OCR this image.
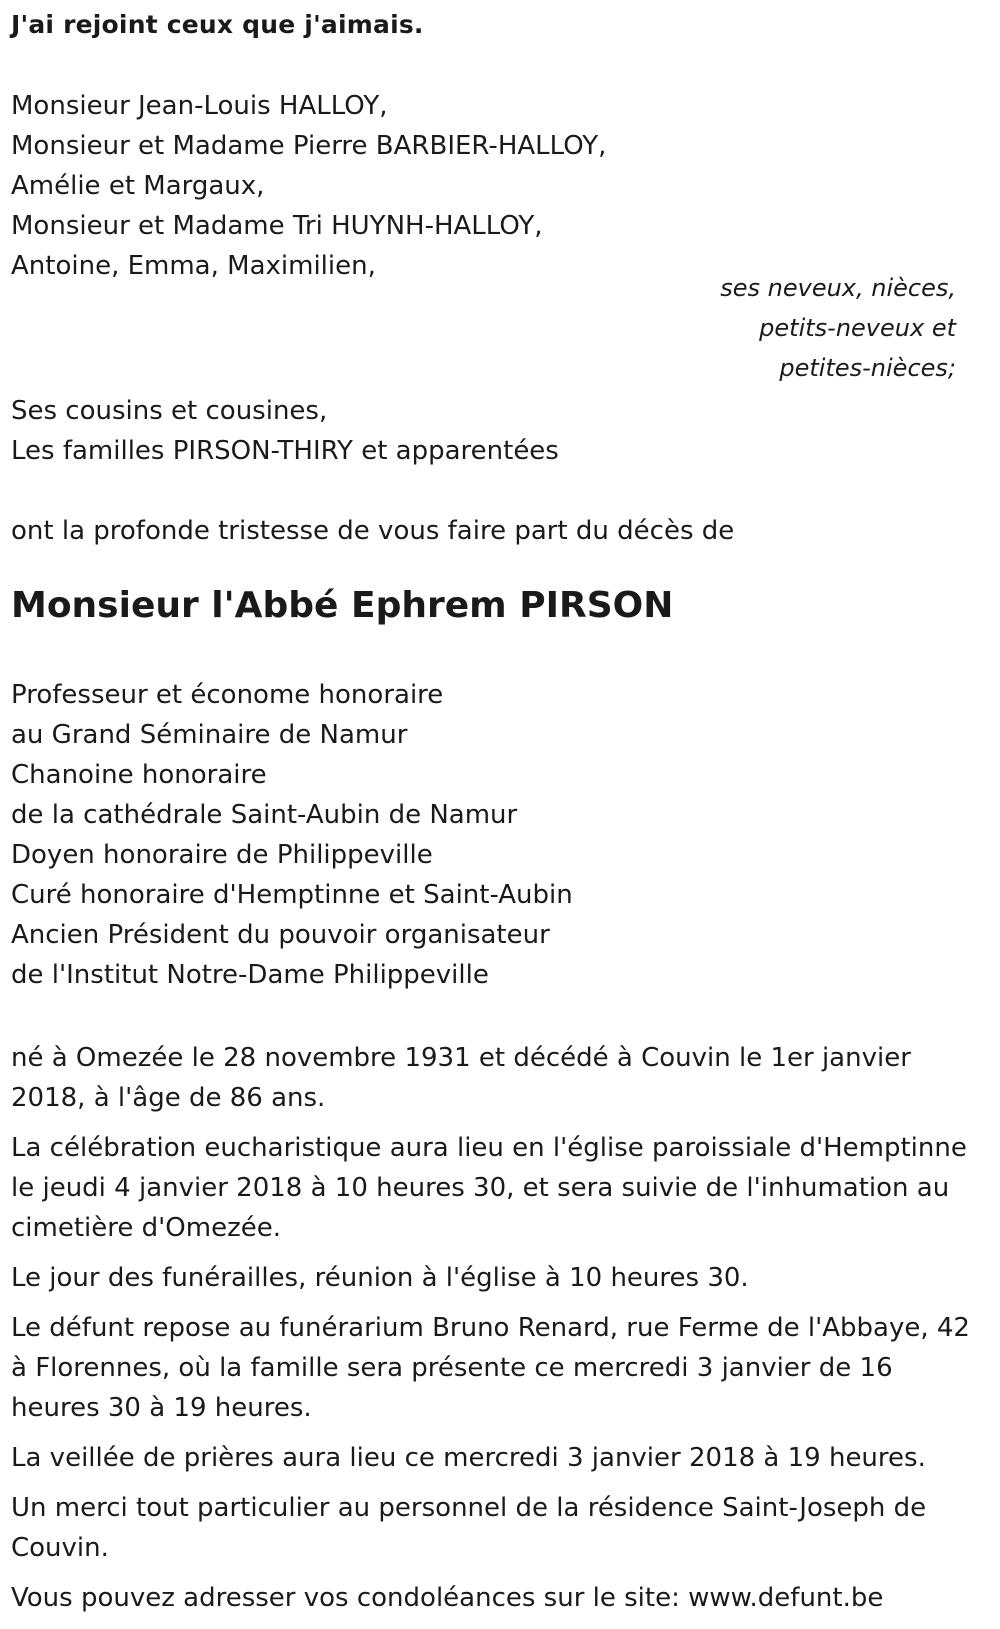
J'ai rejoint ceux que j'aimais.
Monsieur Jean-Louis HALLOY,
Monsieur et Madame Pierre BARBIER-HALLOY,
Amélie et Margaux,
Monsieur et Madame Tri HUYNH-HALLOY,
Antoine, Emma, Maximilien,
ses neveux, nièces,
petits-neveux et
petites-nièces;
Ses cousins et cousines,
Les familles PIRSON-THIRY et apparentées
ont la profonde tristesse de vous faire part du décès de
Monsieur l'Abbé Ephrem PIRSON
Professeur et économe honoraire
au Grand Séminaire de Namur
Chanoine honoraire
de la cathédrale Saint-Aubin de Namur
Doyen honoraire de Philippeville
Curé honoraire d'Hemptinne et Saint-Aubin
Ancien Président du pouvoir organisateur
de l'Institut Notre-Dame Philippeville

né à Omezée le 28 novembre 1931 et décédé à Couvin le 1er janvier 2018, à l'âge de 86 ans.

La célébration eucharistique aura lieu en l'église paroissiale d'Hemptinne le jeudi 4 janvier 2018 à 10 heures 30, et sera suivie de l'inhumation au cimetière d'Omezée.

Le jour des funérailles, réunion à l'église à 10 heures 30.

Le défunt repose au funérarium Bruno Renard, rue Ferme de l'Abbaye, 42 à Florennes, où la famille sera présente ce mercredi 3 janvier de 16 heures 30 à 19 heures.

La veillée de prières aura lieu ce mercredi 3 janvier 2018 à 19 heures.

Un merci tout particulier au personnel de la résidence Saint-Joseph de Couvin.

Vous pouvez adresser vos condoléances sur le site: www.defunt.be
